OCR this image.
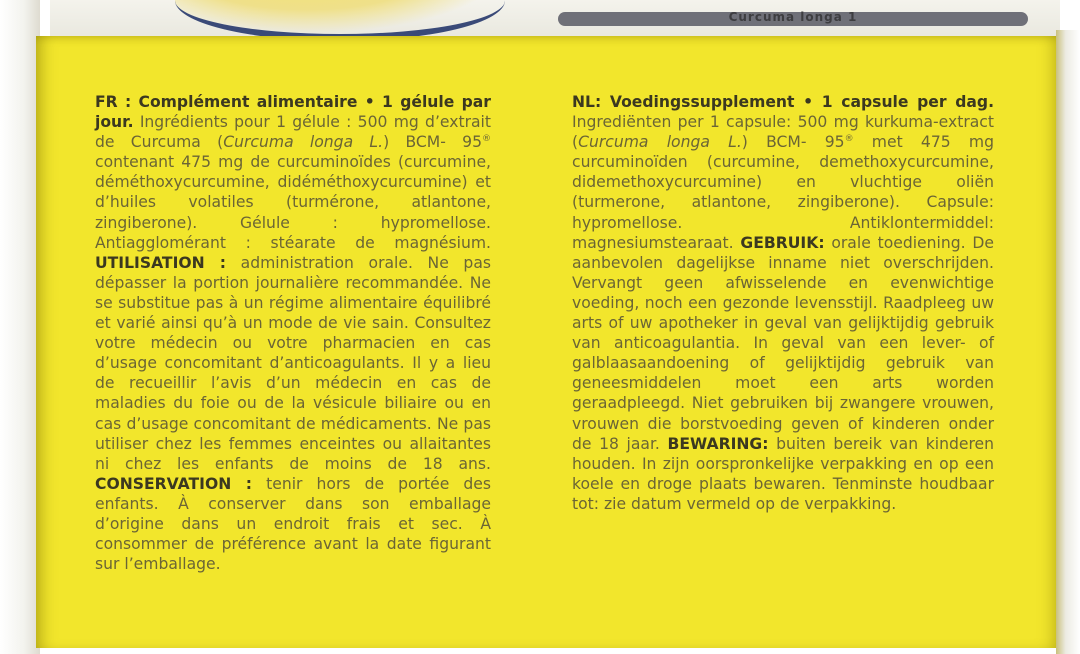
Curcuma longa 1
FR : Complément alimentaire • 1 gélule par jour. Ingrédients pour 1 gélule : 500 mg d’extrait de Curcuma (Curcuma longa L.) BCM- 95® contenant 475 mg de curcuminoïdes (curcumine, déméthoxycurcumine, didéméthoxycurcumine) et d’huiles volatiles (turmérone, atlantone, zingiberone). Gélule : hypromellose. Antiagglomérant : stéarate de magnésium. UTILISATION : administration orale. Ne pas dépasser la portion journalière recommandée. Ne se substitue pas à un régime alimentaire équilibré et varié ainsi qu’à un mode de vie sain. Consultez votre médecin ou votre pharmacien en cas d’usage concomitant d’anticoagulants. Il y a lieu de recueillir l’avis d’un médecin en cas de maladies du foie ou de la vésicule biliaire ou en cas d’usage concomitant de médicaments. Ne pas utiliser chez les femmes enceintes ou allaitantes ni chez les enfants de moins de 18 ans. CONSERVATION : tenir hors de portée des enfants. À conserver dans son emballage d’origine dans un endroit frais et sec. À consommer de préférence avant la date figurant sur l’emballage.
NL: Voedingssupplement • 1 capsule per dag. Ingrediënten per 1 capsule: 500 mg kurkuma-extract (Curcuma longa L.) BCM- 95® met 475 mg curcuminoïden (curcumine, demethoxycurcumine, didemethoxycurcumine) en vluchtige oliën (turmerone, atlantone, zingiberone). Capsule: hypromellose. Antiklontermiddel: magnesiumstearaat. GEBRUIK: orale toediening. De aanbevolen dagelijkse inname niet overschrijden. Vervangt geen afwisselende en evenwichtige voeding, noch een gezonde levensstijl. Raadpleeg uw arts of uw apotheker in geval van gelijktijdig gebruik van anticoagulantia. In geval van een lever- of galblaasaandoening of gelijktijdig gebruik van geneesmiddelen moet een arts worden geraadpleegd. Niet gebruiken bij zwangere vrouwen, vrouwen die borstvoeding geven of kinderen onder de 18 jaar. BEWARING: buiten bereik van kinderen houden. In zijn oorspronkelijke verpakking en op een koele en droge plaats bewaren. Tenminste houdbaar tot: zie datum vermeld op de verpakking.
